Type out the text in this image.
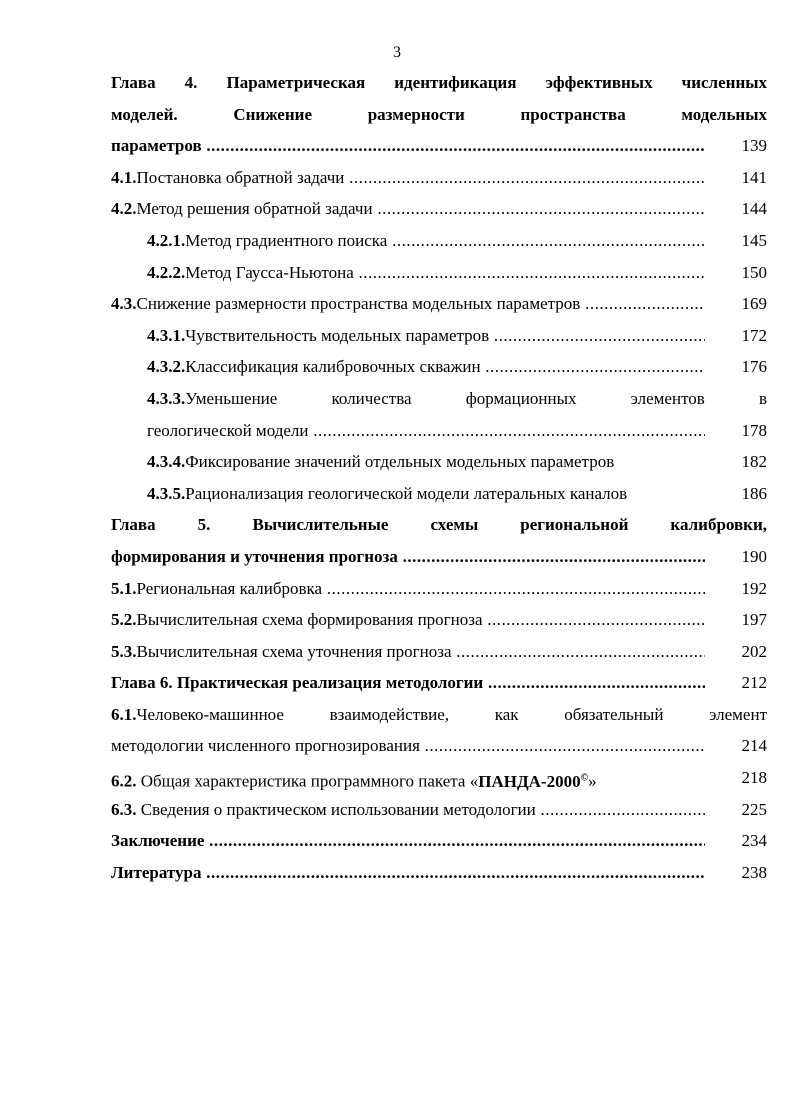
3
Глава 4. Параметрическая идентификация эффективных численных
моделей. Снижение размерности пространства модельных
параметров .....	139
4.1.Постановка обратной задачи .....	141
4.2.Метод решения обратной задачи .....	144
4.2.1.Метод градиентного поиска .....	145
4.2.2.Метод Гаусса-Ньютона .....	150
4.3.Снижение размерности пространства модельных параметров .....	169
4.3.1.Чувствительность модельных параметров .....	172
4.3.2.Классификация калибровочных скважин .....	176
4.3.3.Уменьшение количества формационных элементов в
геологической модели .....	178
4.3.4.Фиксирование значений отдельных модельных параметров	182
4.3.5.Рационализация геологической модели латеральных каналов	186
Глава 5. Вычислительные схемы региональной калибровки,
формирования и уточнения прогноза .....	190
5.1.Региональная калибровка .....	192
5.2.Вычислительная схема формирования прогноза .....	197
5.3.Вычислительная схема уточнения прогноза .....	202
Глава 6. Практическая реализация методологии .....	212
6.1.Человеко-машинное взаимодействие, как обязательный элемент
методологии численного прогнозирования .....	214
6.2. Общая характеристика программного пакета «ПАНДА-2000©»	218
6.3. Сведения о практическом использовании методологии .....	225
Заключение .....	234
Литература .....	238
